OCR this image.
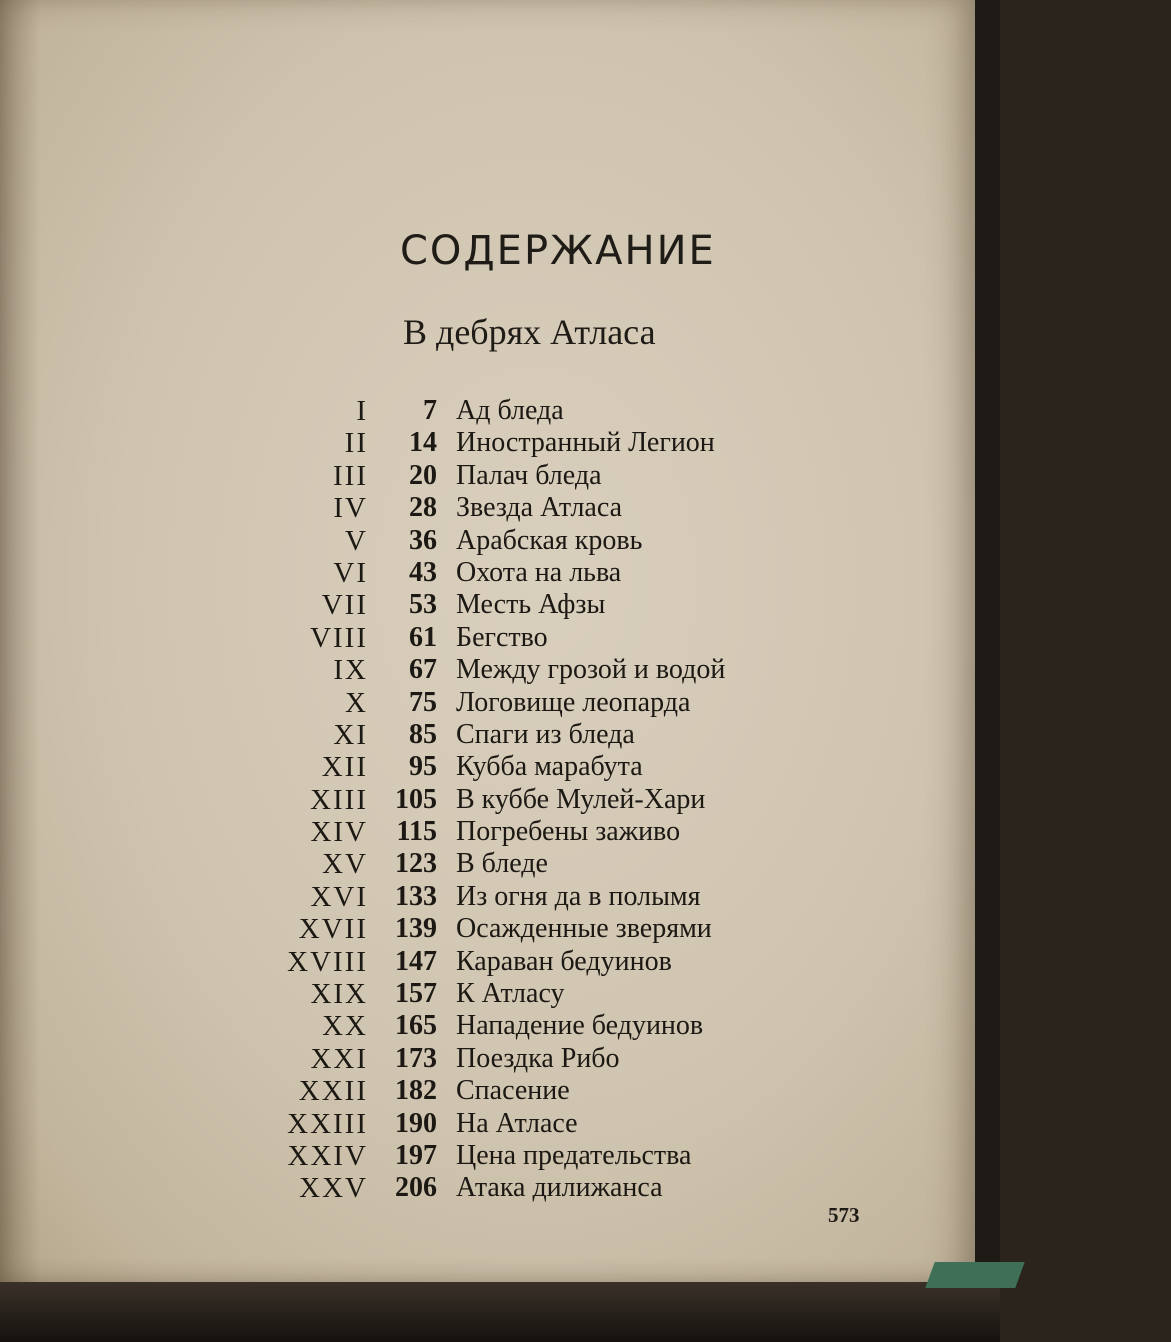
​
СОДЕРЖАНИЕ
В дебрях Атласа
I 7 Ад бледа
II 14 Иностранный Легион
III 20 Палач бледа
IV 28 Звезда Атласа
V 36 Арабская кровь
VI 43 Охота на льва
VII 53 Месть Афзы
VIII 61 Бегство
IX 67 Между грозой и водой
X 75 Логовище леопарда
XI 85 Спаги из бледа
XII 95 Кубба марабута
XIII 105 В куббе Мулей-Хари
XIV 115 Погребены заживо
XV 123 В бледе
XVI 133 Из огня да в полымя
XVII 139 Осажденные зверями
XVIII 147 Караван бедуинов
XIX 157 К Атласу
XX 165 Нападение бедуинов
XXI 173 Поездка Рибо
XXII 182 Спасение
XXIII 190 На Атласе
XXIV 197 Цена предательства
XXV 206 Атака дилижанса
573
